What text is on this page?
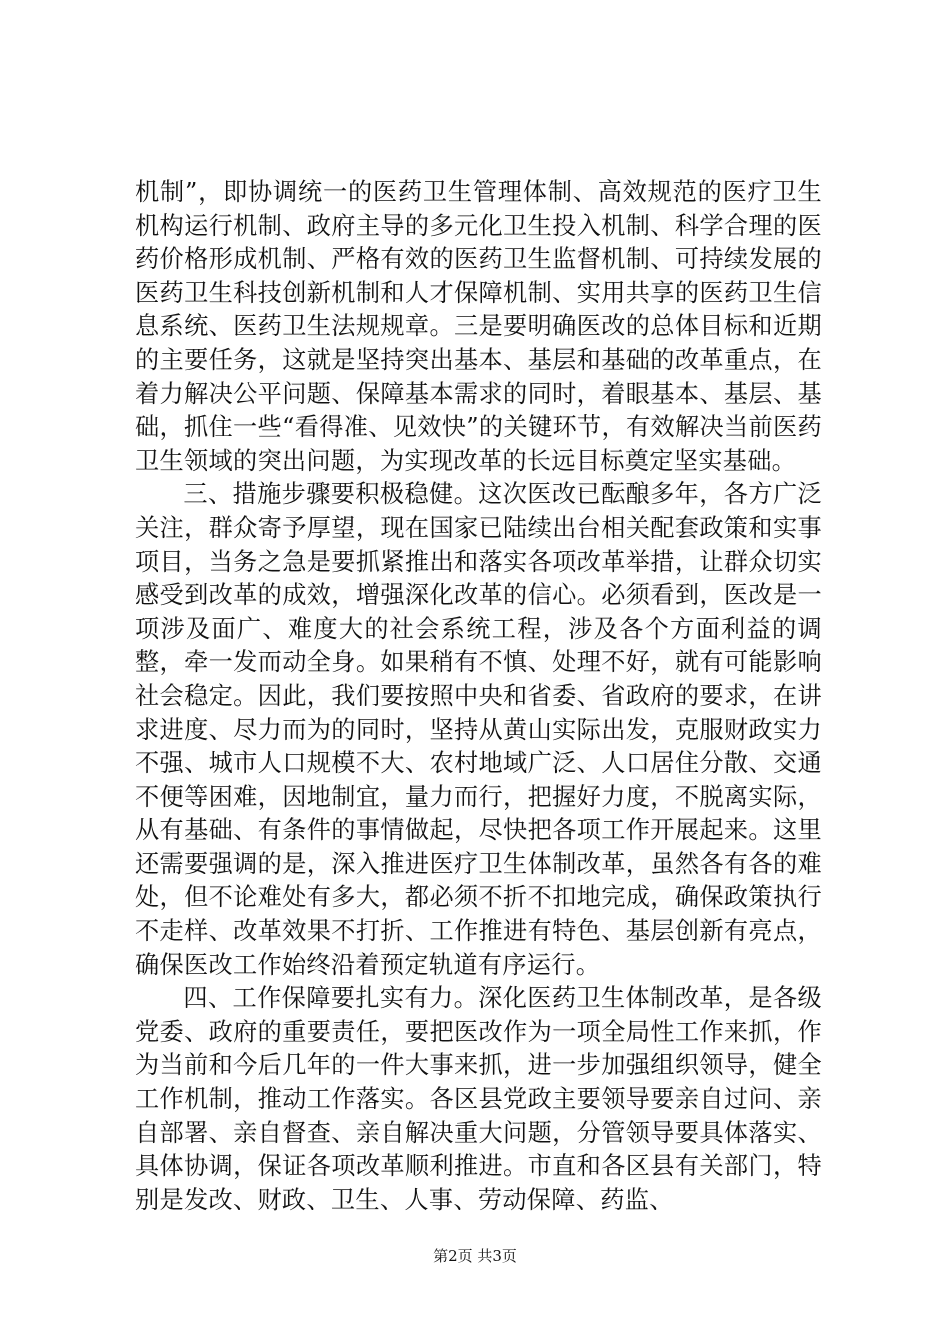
机制”，即协调统一的医药卫生管理体制、高效规范的医疗卫生机构运行机制、政府主导的多元化卫生投入机制、科学合理的医药价格形成机制、严格有效的医药卫生监督机制、可持续发展的医药卫生科技创新机制和人才保障机制、实用共享的医药卫生信息系统、医药卫生法规规章。三是要明确医改的总体目标和近期的主要任务，这就是坚持突出基本、基层和基础的改革重点，在着力解决公平问题、保障基本需求的同时，着眼基本、基层、基础，抓住一些“看得准、见效快”的关键环节，有效解决当前医药卫生领域的突出问题，为实现改革的长远目标奠定坚实基础。

三、措施步骤要积极稳健。这次医改已酝酿多年，各方广泛关注，群众寄予厚望，现在国家已陆续出台相关配套政策和实事项目，当务之急是要抓紧推出和落实各项改革举措，让群众切实感受到改革的成效，增强深化改革的信心。必须看到，医改是一项涉及面广、难度大的社会系统工程，涉及各个方面利益的调整，牵一发而动全身。如果稍有不慎、处理不好，就有可能影响社会稳定。因此，我们要按照中央和省委、省政府的要求，在讲求进度、尽力而为的同时，坚持从黄山实际出发，克服财政实力不强、城市人口规模不大、农村地域广泛、人口居住分散、交通不便等困难，因地制宜，量力而行，把握好力度，不脱离实际，从有基础、有条件的事情做起，尽快把各项工作开展起来。这里还需要强调的是，深入推进医疗卫生体制改革，虽然各有各的难处，但不论难处有多大，都必须不折不扣地完成，确保政策执行不走样、改革效果不打折、工作推进有特色、基层创新有亮点，确保医改工作始终沿着预定轨道有序运行。

四、工作保障要扎实有力。深化医药卫生体制改革，是各级党委、政府的重要责任，要把医改作为一项全局性工作来抓，作为当前和今后几年的一件大事来抓，进一步加强组织领导，健全工作机制，推动工作落实。各区县党政主要领导要亲自过问、亲自部署、亲自督查、亲自解决重大问题，分管领导要具体落实、具体协调，保证各项改革顺利推进。市直和各区县有关部门，特别是发改、财政、卫生、人事、劳动保障、药监、

第2页 共3页
